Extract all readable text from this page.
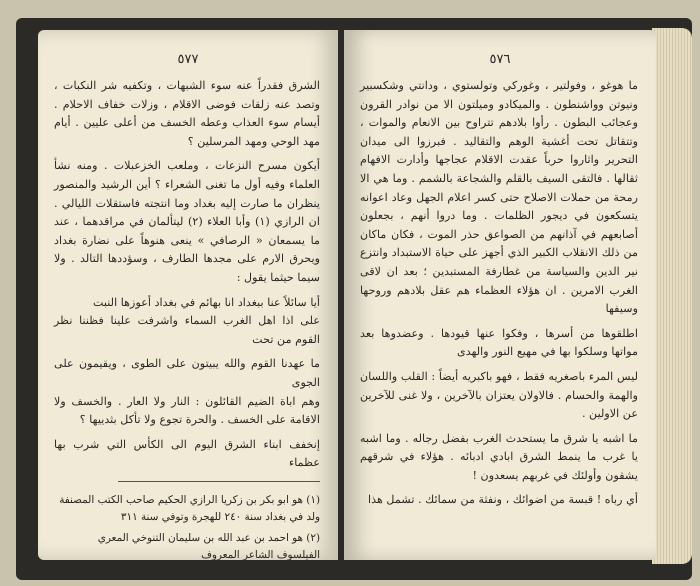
٥٧٧

الشرق فقدراً عنه سوء الشبهات ، وتكفيه شر النكبات ، وتصد عنه زلقات فوضى الاقلام ، وزلات خفاف الاحلام . أيسام سوء العذاب وعطه الخسف من أعلى عليين . أيام مهد الوحي ومهد المرسلين ؟

أيكون مسرح النزعات ، وملعب الخزعبلات . ومنه نشأ العلماء وفيه أول ما تغنى الشعراء ؟ أين الرشيد والمنصور ينظران ما صارت إليه بغداد وما انتجته فاستقلات الليالي . ان الرازي (١) وأبا العلاء (٢) ليتألمان في مراقدهما ، عند ما يسمعان « الرصافي » ينعى هنوهاً على نضارة بغداد ويحرق الارم على مجدها الطارف ، وسؤددها التالد . ولا سيما حيثما يقول :

أيا سائلاً عنا ببغداد انا بهائم في بغداد أعوزها النبت
على اذا اهل الغرب السماء واشرفت علينا فظننا نظر القوم من تحت
ما عهدنا القوم والله يبيتون على الطوى ، ويقيمون على الجوى
وهم اباة الضيم القائلون : النار ولا العار . والخسف ولا الاقامة على الخسف . والحرة تجوع ولا تأكل بثدييها ؟

إنخفف ابناء الشرق اليوم الى الكأس التي شرب بها عظماء

(١) هو ابو بكر بن زكريا الرازي الحكيم صاحب الكتب المصنفة ولد في بغداد سنة ٢٤٠ للهجرة وتوفي سنة ٣١١

(٢) هو احمد بن عبد الله بن سليمان التنوخي المعري الفيلسوف الشاعر المعروف

٥٧٦

ما هوغو ، وفولتير ، وغوركي وتولستوي ، ودانتي وشكسبير ونيوتن وواشنطون . والميكادو وميلتون الا من نوادر القرون وعجائب البطون . رأوا بلادهم تتراوح بين الانعام والموات ، وتتقاتل تحت أغشية الوهم والتقاليد . فبرزوا الى ميدان التحرير واثاروا حرباً عقدت الاقلام عجاجها وأدارت الافهام ثقالها . فالتقى السيف بالقلم والشجاعة بالشمم . وما هي الا رمحة من حملات الاصلاح حتى كسر اعلام الجهل وعاد اعوانه يتسكعون في ديجور الظلمات . وما دروا أنهم ، بجعلون أصابعهم في آذانهم من الصواعق حذر الموت ، فكان ماكان من ذلك الانقلاب الكبير الذي أجهز على حياة الاستبداد وانتزع نير الدين والسياسة من غطارفة المستبدين ؛ بعد ان لاقى الغرب الامرين . ان هؤلاء العظماء هم عقل بلادهم وروحها وسيفها

اطلقوها من أسرها ، وفكوا عنها قيودها . وعضدوها بعد مواتها وسلكوا بها في مهيع النور والهدى

ليس المرء باصغريه فقط ، فهو باكبريه أيضاً : القلب واللسان والهمة والحسام . فالاولان يعتزان بالآخرين ، ولا غنى للآخرين عن الاولين .

ما اشبه يا شرق ما يستحدث الغرب بفضل رجاله . وما اشبه يا غرب ما ينمط الشرق ابادي ادبائه . هؤلاء في شرقهم يشقون وأولئك في غربهم يسعدون !

أي رباه ! قبسة من اضوائك ، ونفثة من سمائك . تشمل هذا
